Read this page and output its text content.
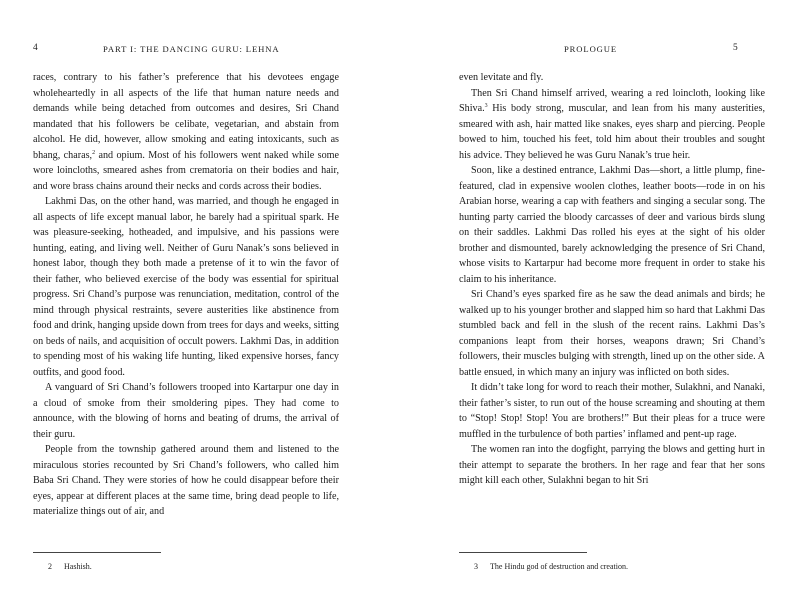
4	PART I: THE DANCING GURU: LEHNA

races, contrary to his father’s preference that his devotees engage wholeheartedly in all aspects of the life that human nature needs and demands while being detached from outcomes and desires, Sri Chand mandated that his followers be celibate, vegetarian, and abstain from alcohol. He did, however, allow smoking and eating intoxicants, such as bhang, charas,$^2$ and opium. Most of his followers went naked while some wore loincloths, smeared ashes from crematoria on their bodies and hair, and wore brass chains around their necks and cords across their bodies.

Lakhmi Das, on the other hand, was married, and though he engaged in all aspects of life except manual labor, he barely had a spiritual spark. He was pleasure-seeking, hotheaded, and impulsive, and his passions were hunting, eating, and living well. Neither of Guru Nanak’s sons believed in honest labor, though they both made a pretense of it to win the favor of their father, who believed exercise of the body was essential for spiritual progress. Sri Chand’s purpose was renunciation, meditation, control of the mind through physical restraints, severe austerities like abstinence from food and drink, hanging upside down from trees for days and weeks, sitting on beds of nails, and acquisition of occult powers. Lakhmi Das, in addition to spending most of his waking life hunting, liked expensive horses, fancy outfits, and good food.

A vanguard of Sri Chand’s followers trooped into Kartarpur one day in a cloud of smoke from their smoldering pipes. They had come to announce, with the blowing of horns and beating of drums, the arrival of their guru.

People from the township gathered around them and listened to the miraculous stories recounted by Sri Chand’s followers, who called him Baba Sri Chand. They were stories of how he could disappear before their eyes, appear at different places at the same time, bring dead people to life, materialize things out of air, and

2 Hashish.
PROLOGUE	5

even levitate and fly.

Then Sri Chand himself arrived, wearing a red loincloth, looking like Shiva.$^3$ His body strong, muscular, and lean from his many austerities, smeared with ash, hair matted like snakes, eyes sharp and piercing. People bowed to him, touched his feet, told him about their troubles and sought his advice. They believed he was Guru Nanak’s true heir.

Soon, like a destined entrance, Lakhmi Das—short, a little plump, fine-featured, clad in expensive woolen clothes, leather boots—rode in on his Arabian horse, wearing a cap with feathers and singing a secular song. The hunting party carried the bloody carcasses of deer and various birds slung on their saddles. Lakhmi Das rolled his eyes at the sight of his older brother and dismounted, barely acknowledging the presence of Sri Chand, whose visits to Kartarpur had become more frequent in order to stake his claim to his inheritance.

Sri Chand’s eyes sparked fire as he saw the dead animals and birds; he walked up to his younger brother and slapped him so hard that Lakhmi Das stumbled back and fell in the slush of the recent rains. Lakhmi Das’s companions leapt from their horses, weapons drawn; Sri Chand’s followers, their muscles bulging with strength, lined up on the other side. A battle ensued, in which many an injury was inflicted on both sides.

It didn’t take long for word to reach their mother, Sulakhni, and Nanaki, their father’s sister, to run out of the house screaming and shouting at them to “Stop! Stop! Stop! You are brothers!” But their pleas for a truce were muffled in the turbulence of both parties’ inflamed and pent-up rage.

The women ran into the dogfight, parrying the blows and getting hurt in their attempt to separate the brothers. In her rage and fear that her sons might kill each other, Sulakhni began to hit Sri

3 The Hindu god of destruction and creation.
